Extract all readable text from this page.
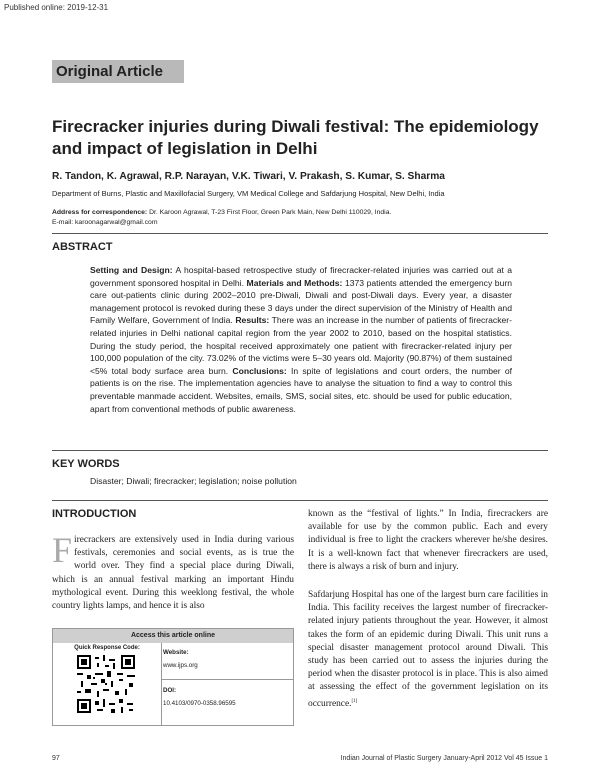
Published online: 2019-12-31
Original Article
Firecracker injuries during Diwali festival: The epidemiology and impact of legislation in Delhi
R. Tandon, K. Agrawal, R.P. Narayan, V.K. Tiwari, V. Prakash, S. Kumar, S. Sharma
Department of Burns, Plastic and Maxillofacial Surgery, VM Medical College and Safdarjung Hospital, New Delhi, India
Address for correspondence: Dr. Karoon Agrawal, T-23 First Floor, Green Park Main, New Delhi 110029, India.
E-mail: karoonagarwal@gmail.com
ABSTRACT
Setting and Design: A hospital-based retrospective study of firecracker-related injuries was carried out at a government sponsored hospital in Delhi. Materials and Methods: 1373 patients attended the emergency burn care out-patients clinic during 2002–2010 pre-Diwali, Diwali and post-Diwali days. Every year, a disaster management protocol is revoked during these 3 days under the direct supervision of the Ministry of Health and Family Welfare, Government of India. Results: There was an increase in the number of patients of firecracker-related injuries in Delhi national capital region from the year 2002 to 2010, based on the hospital statistics. During the study period, the hospital received approximately one patient with firecracker-related injury per 100,000 population of the city. 73.02% of the victims were 5–30 years old. Majority (90.87%) of them sustained <5% total body surface area burn. Conclusions: In spite of legislations and court orders, the number of patients is on the rise. The implementation agencies have to analyse the situation to find a way to control this preventable manmade accident. Websites, emails, SMS, social sites, etc. should be used for public education, apart from conventional methods of public awareness.
KEY WORDS
Disaster; Diwali; firecracker; legislation; noise pollution
INTRODUCTION
Firecrackers are extensively used in India during various festivals, ceremonies and social events, as is true the world over. They find a special place during Diwali, which is an annual festival marking an important Hindu mythological event. During this weeklong festival, the whole country lights lamps, and hence it is also
known as the “festival of lights.” In India, firecrackers are available for use by the common public. Each and every individual is free to light the crackers wherever he/she desires. It is a well-known fact that whenever firecrackers are used, there is always a risk of burn and injury.
Safdarjung Hospital has one of the largest burn care facilities in India. This facility receives the largest number of firecracker-related injury patients throughout the year. However, it almost takes the form of an epidemic during Diwali. This unit runs a special disaster management protocol around Diwali. This study has been carried out to assess the injuries during the period when the disaster protocol is in place. This is also aimed at assessing the effect of the government legislation on its occurrence.[1]
Access this article online
Quick Response Code:
Website:
www.ijps.org
DOI:
10.4103/0970-0358.96595
97	Indian Journal of Plastic Surgery January-April 2012 Vol 45 Issue 1
